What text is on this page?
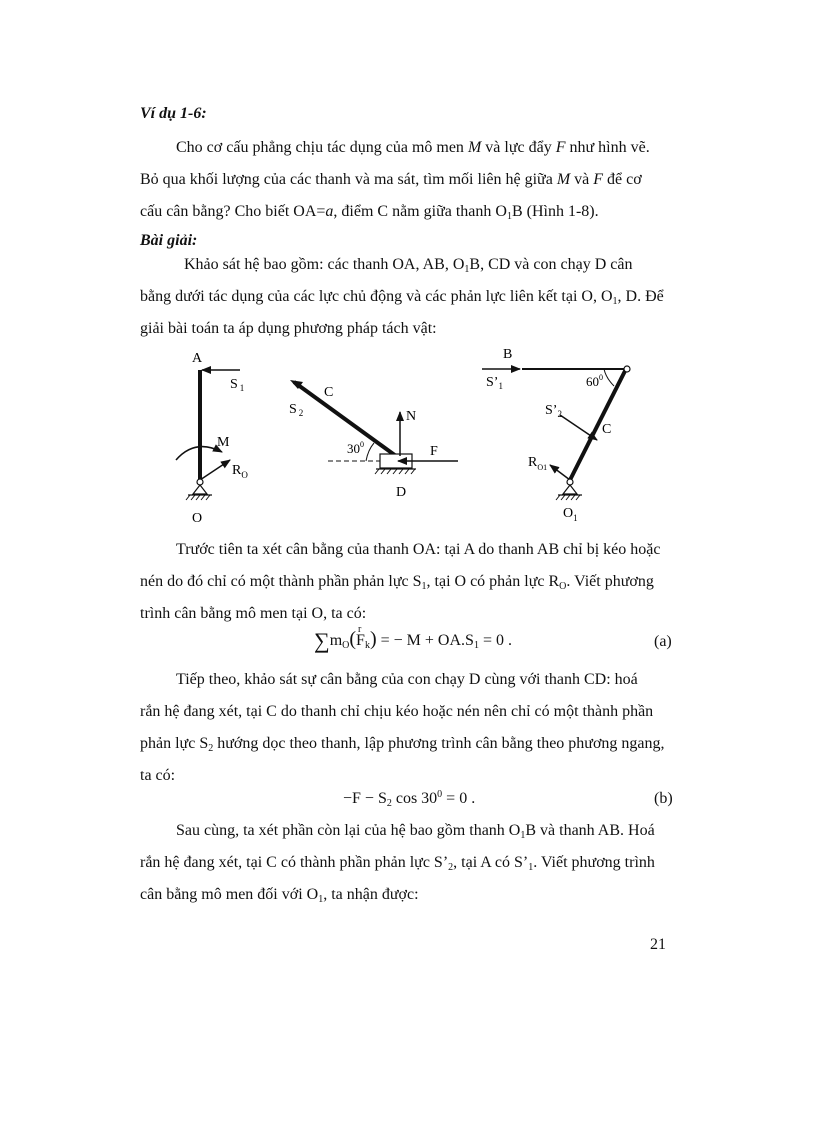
Ví dụ 1-6:

Cho cơ cấu phẳng chịu tác dụng của mô men M và lực đẩy F như hình vẽ.
Bỏ qua khối lượng của các thanh và ma sát, tìm mối liên hệ giữa M và F để cơ
cấu cân bằng? Cho biết OA=a, điểm C nằm giữa thanh $O_1B$ (Hình 1-8).

Bài giải:

Khảo sát hệ bao gồm: các thanh OA, AB, $O_1B$, CD và con chạy D cân
bằng dưới tác dụng của các lực chủ động và các phản lực liên kết tại O, $O_1$, D. Để
giải bài toán ta áp dụng phương pháp tách vật:

A
S $_1$
M
$R_O$
O
C
S $_2$	N
$30^0$	F
D
B
$S’_1$	$60^0$
$S’_2$
C
$R_{O1}$
$O_1$

Trước tiên ta xét cân bằng của thanh OA: tại A do thanh AB chỉ bị kéo hoặc
nén do đó chỉ có một thành phần phản lực $S_1$, tại O có phản lực $R_O$. Viết phương
trình cân bằng mô men tại O, ta có:

$\sum m_O(F$
r
$_k$) = − $M + OA.S_1 = 0$ .	(a)

Tiếp theo, khảo sát sự cân bằng của con chạy D cùng với thanh CD: hoá
rắn hệ đang xét, tại C do thanh chỉ chịu kéo hoặc nén nên chỉ có một thành phần
phản lực $S_2$ hướng dọc theo thanh, lập phương trình cân bằng theo phương ngang,
ta có:

$-F - S_2$ $\cos 30^0 = 0$ .	(b)

Sau cùng, ta xét phần còn lại của hệ bao gồm thanh $O_1B$ và thanh AB. Hoá
rắn hệ đang xét, tại C có thành phần phản lực $S’_2$, tại A có $S’_1$. Viết phương trình
cân bằng mô men đối với $O_1$, ta nhận được:

21
